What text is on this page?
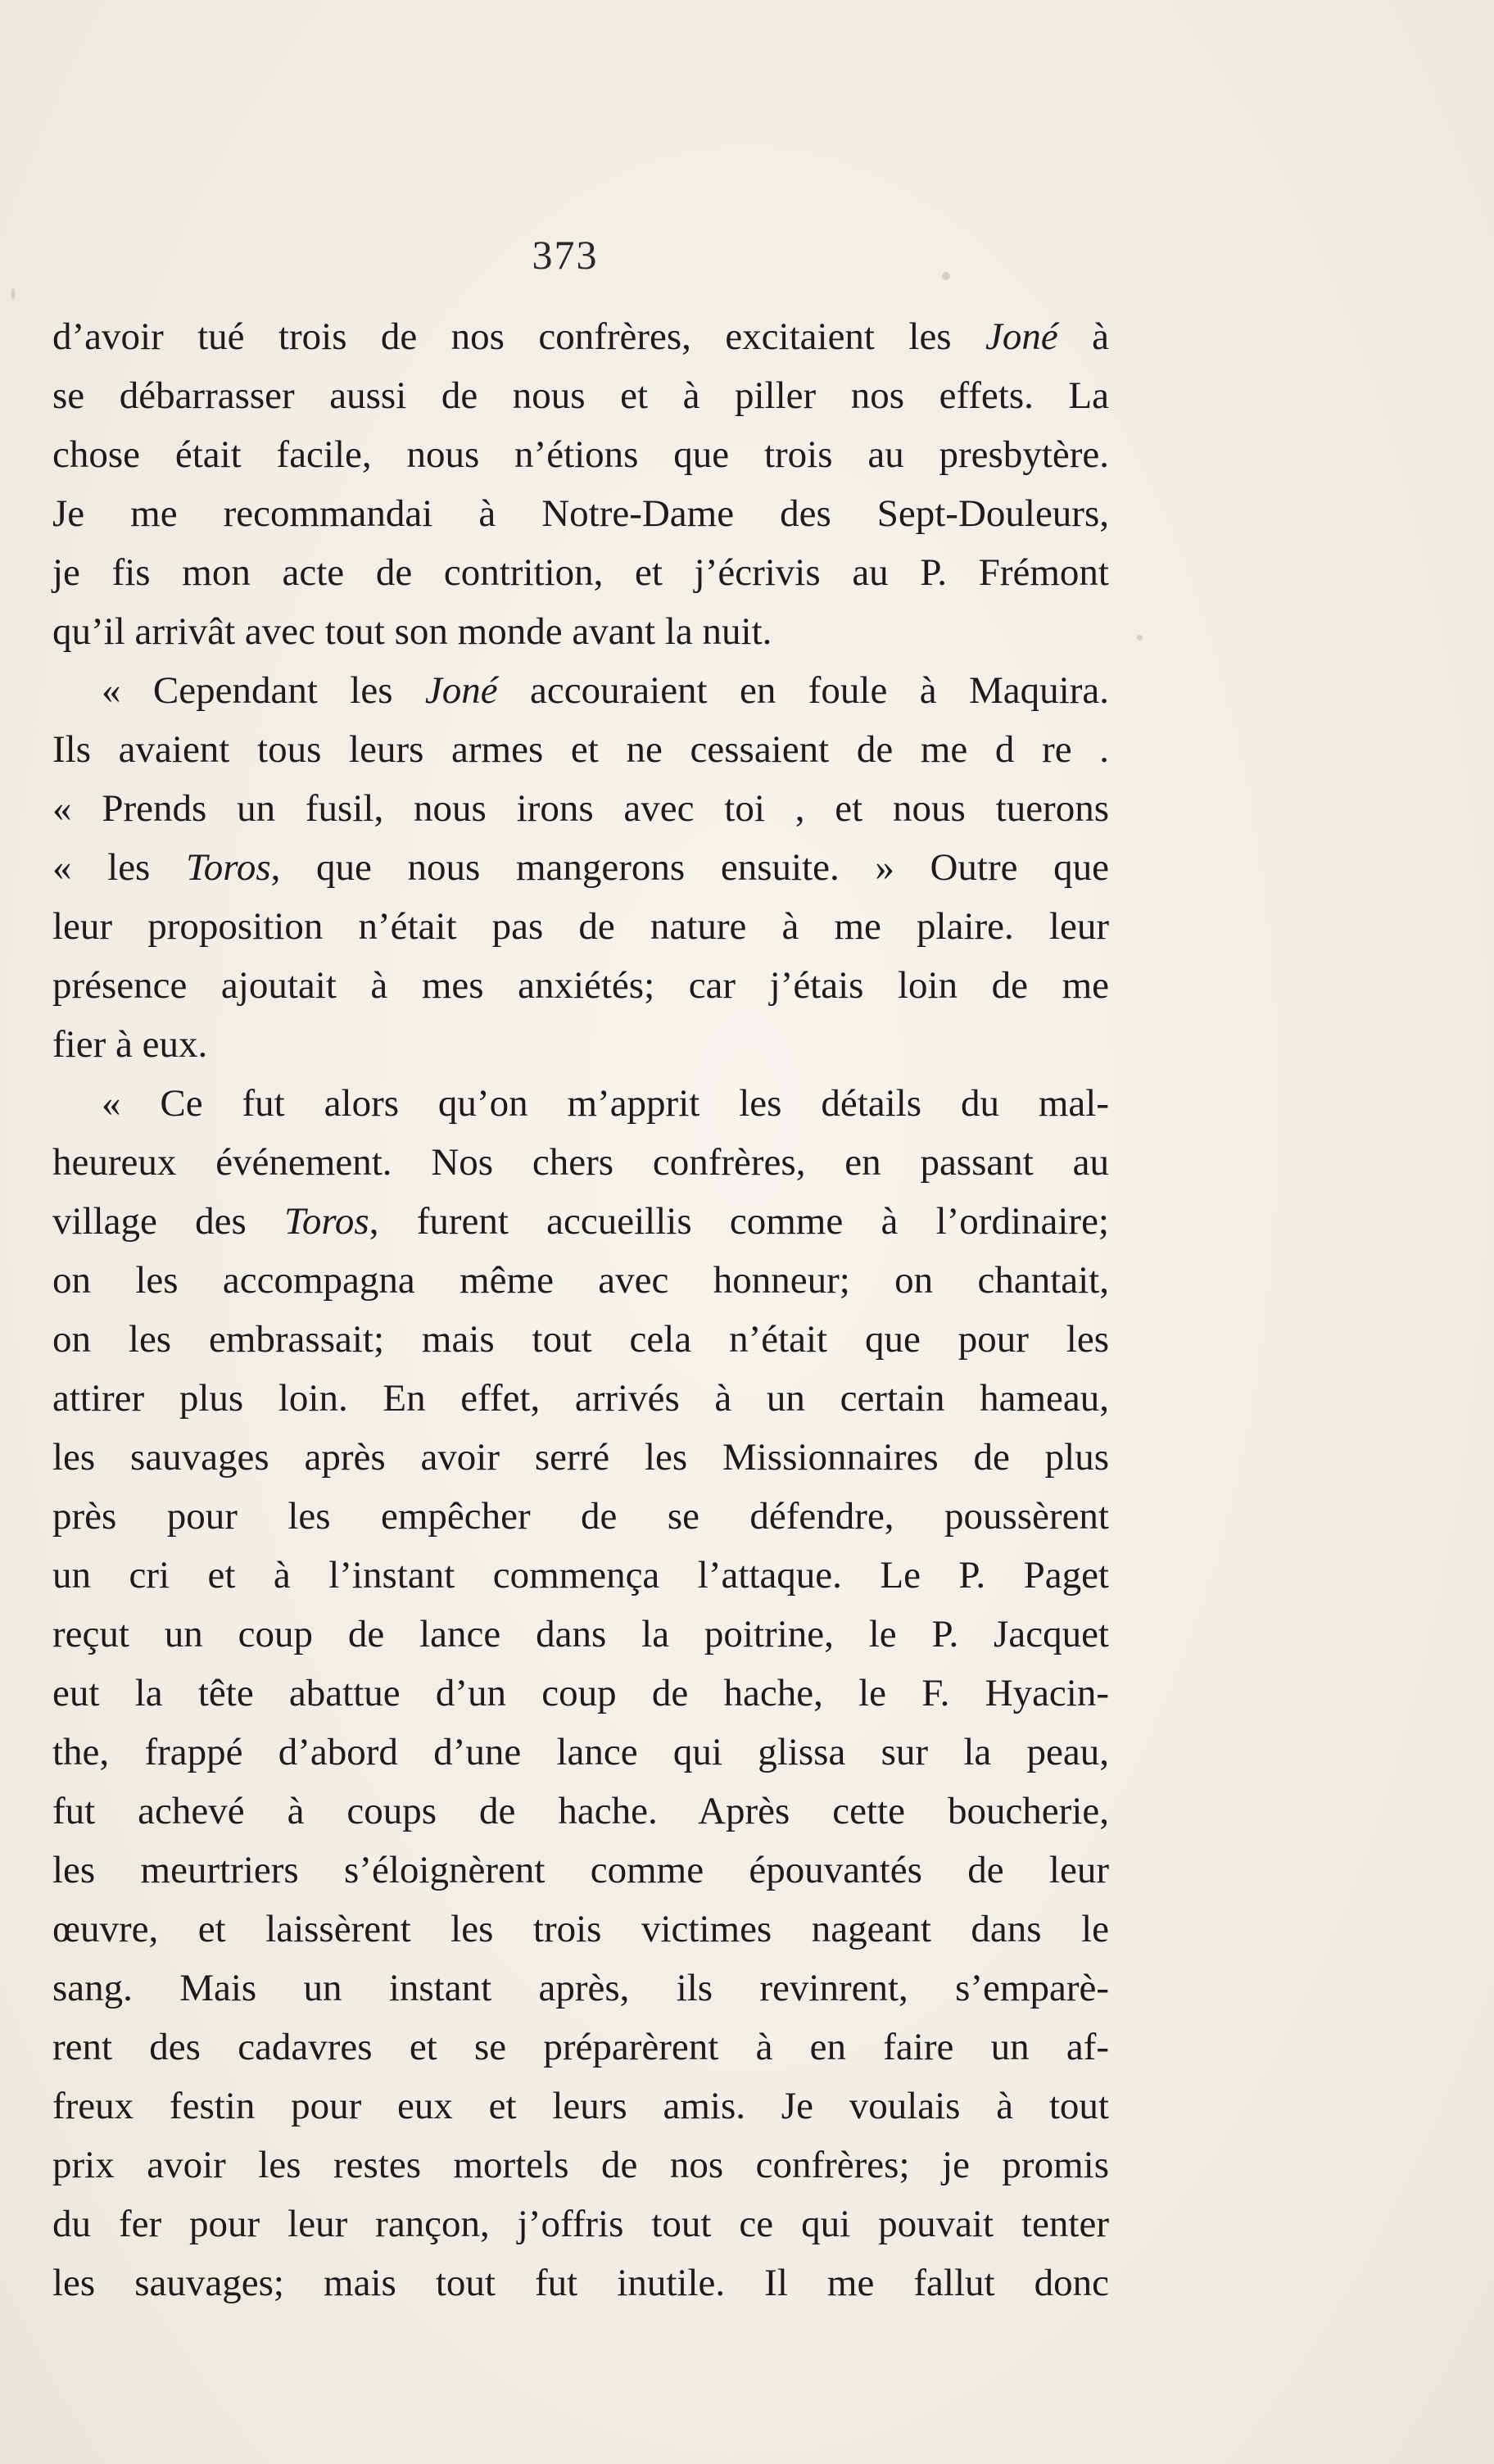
373
d’avoir tué trois de nos confrères, excitaient les Joné à
se débarrasser aussi de nous et à piller nos effets. La
chose était facile, nous n’étions que trois au presbytère.
Je me recommandai à Notre-Dame des Sept-Douleurs,
je fis mon acte de contrition, et j’écrivis au P. Frémont
qu’il arrivât avec tout son monde avant la nuit.
« Cependant les Joné accouraient en foule à Maquira.
Ils avaient tous leurs armes et ne cessaient de me d re .
« Prends un fusil, nous irons avec toi , et nous tuerons
« les Toros, que nous mangerons ensuite. » Outre que
leur proposition n’était pas de nature à me plaire. leur
présence ajoutait à mes anxiétés; car j’étais loin de me
fier à eux.
« Ce fut alors qu’on m’apprit les détails du mal-
heureux événement. Nos chers confrères, en passant au
village des Toros, furent accueillis comme à l’ordinaire;
on les accompagna même avec honneur; on chantait,
on les embrassait; mais tout cela n’était que pour les
attirer plus loin. En effet, arrivés à un certain hameau,
les sauvages après avoir serré les Missionnaires de plus
près pour les empêcher de se défendre, poussèrent
un cri et à l’instant commença l’attaque. Le P. Paget
reçut un coup de lance dans la poitrine, le P. Jacquet
eut la tête abattue d’un coup de hache, le F. Hyacin-
the, frappé d’abord d’une lance qui glissa sur la peau,
fut achevé à coups de hache. Après cette boucherie,
les meurtriers s’éloignèrent comme épouvantés de leur
œuvre, et laissèrent les trois victimes nageant dans le
sang. Mais un instant après, ils revinrent, s’emparè-
rent des cadavres et se préparèrent à en faire un af-
freux festin pour eux et leurs amis. Je voulais à tout
prix avoir les restes mortels de nos confrères; je promis
du fer pour leur rançon, j’offris tout ce qui pouvait tenter
les sauvages; mais tout fut inutile. Il me fallut donc
